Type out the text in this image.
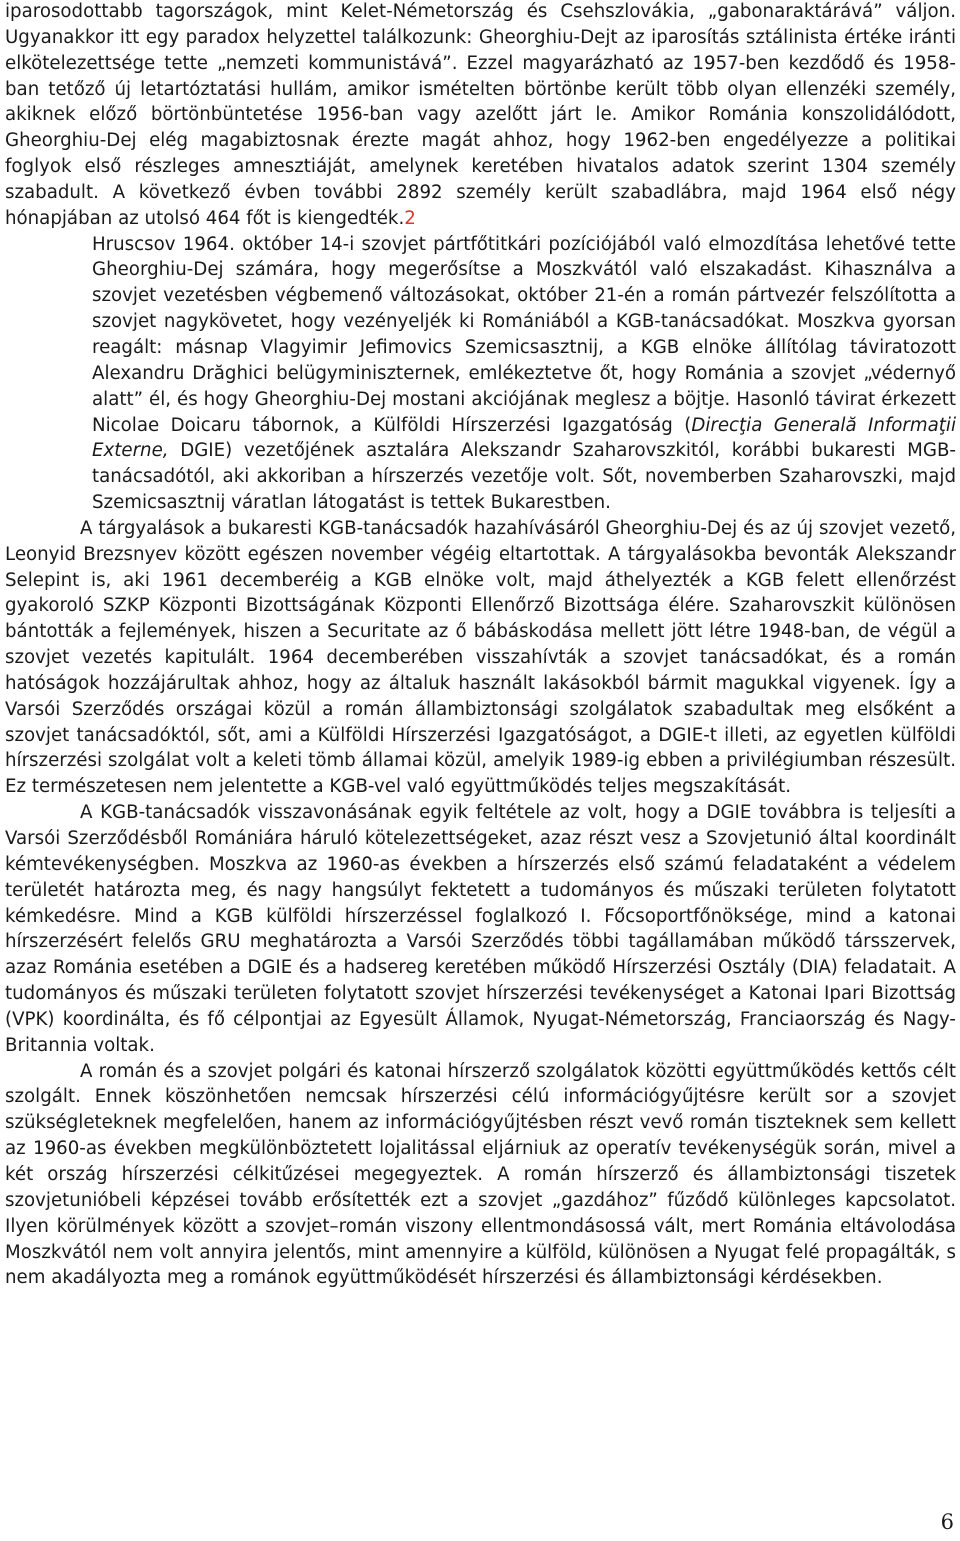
iparosodottabb tagországok, mint Kelet-Németország és Csehszlovákia, „gabonaraktárává” váljon. Ugyanakkor itt egy paradox helyzettel találkozunk: Gheorghiu-Dejt az iparosítás sztálinista értéke iránti elkötelezettsége tette „nemzeti kommunistává”. Ezzel magyarázható az 1957-ben kezdődő és 1958-ban tetőző új letartóztatási hullám, amikor ismételten börtönbe került több olyan ellenzéki személy, akiknek előző börtönbüntetése 1956-ban vagy azelőtt járt le. Amikor Románia konszolidálódott, Gheorghiu-Dej elég magabiztosnak érezte magát ahhoz, hogy 1962-ben engedélyezze a politikai foglyok első részleges amnesztiáját, amelynek keretében hivatalos adatok szerint 1304 személy szabadult. A következő évben további 2892 személy került szabadlábra, majd 1964 első négy hónapjában az utolsó 464 főt is kiengedték.2

Hruscsov 1964. október 14-i szovjet pártfőtitkári pozíciójából való elmozdítása lehetővé tette Gheorghiu-Dej számára, hogy megerősítse a Moszkvától való elszakadást. Kihasználva a szovjet vezetésben végbemenő változásokat, október 21-én a román pártvezér felszólította a szovjet nagykövetet, hogy vezényeljék ki Romániából a KGB-tanácsadókat. Moszkva gyorsan reagált: másnap Vlagyimir Jefimovics Szemicsasztnij, a KGB elnöke állítólag táviratozott Alexandru Drăghici belügyminiszternek, emlékeztetve őt, hogy Románia a szovjet „védernyő alatt” él, és hogy Gheorghiu-Dej mostani akciójának meglesz a böjtje. Hasonló távirat érkezett Nicolae Doicaru tábornok, a Külföldi Hírszerzési Igazgatóság (Direcţia Generală Informaţii Externe, DGIE) vezetőjének asztalára Alekszandr Szaharovszkitól, korábbi bukaresti MGB-tanácsadótól, aki akkoriban a hírszerzés vezetője volt. Sőt, novemberben Szaharovszki, majd Szemicsasztnij váratlan látogatást is tettek Bukarestben.

A tárgyalások a bukaresti KGB-tanácsadók hazahívásáról Gheorghiu-Dej és az új szovjet vezető, Leonyid Brezsnyev között egészen november végéig eltartottak. A tárgyalásokba bevonták Alekszandr Selepint is, aki 1961 decemberéig a KGB elnöke volt, majd áthelyezték a KGB felett ellenőrzést gyakoroló SZKP Központi Bizottságának Központi Ellenőrző Bizottsága élére. Szaharovszkit különösen bántották a fejlemények, hiszen a Securitate az ő bábáskodása mellett jött létre 1948-ban, de végül a szovjet vezetés kapitulált. 1964 decemberében visszahívták a szovjet tanácsadókat, és a román hatóságok hozzájárultak ahhoz, hogy az általuk használt lakásokból bármit magukkal vigyenek. Így a Varsói Szerződés országai közül a román állambiztonsági szolgálatok szabadultak meg elsőként a szovjet tanácsadóktól, sőt, ami a Külföldi Hírszerzési Igazgatóságot, a DGIE-t illeti, az egyetlen külföldi hírszerzési szolgálat volt a keleti tömb államai közül, amelyik 1989-ig ebben a privilégiumban részesült. Ez természetesen nem jelentette a KGB-vel való együttműködés teljes megszakítását.

A KGB-tanácsadók visszavonásának egyik feltétele az volt, hogy a DGIE továbbra is teljesíti a Varsói Szerződésből Romániára háruló kötelezettségeket, azaz részt vesz a Szovjetunió által koordinált kémtevékenységben. Moszkva az 1960-as években a hírszerzés első számú feladataként a védelem területét határozta meg, és nagy hangsúlyt fektetett a tudományos és műszaki területen folytatott kémkedésre. Mind a KGB külföldi hírszerzéssel foglalkozó I. Főcsoportfőnöksége, mind a katonai hírszerzésért felelős GRU meghatározta a Varsói Szerződés többi tagállamában működő társszervek, azaz Románia esetében a DGIE és a hadsereg keretében működő Hírszerzési Osztály (DIA) feladatait. A tudományos és műszaki területen folytatott szovjet hírszerzési tevékenységet a Katonai Ipari Bizottság (VPK) koordinálta, és fő célpontjai az Egyesült Államok, Nyugat-Németország, Franciaország és Nagy-Britannia voltak.

A román és a szovjet polgári és katonai hírszerző szolgálatok közötti együttműködés kettős célt szolgált. Ennek köszönhetően nemcsak hírszerzési célú információgyűjtésre került sor a szovjet szükségleteknek megfelelően, hanem az információgyűjtésben részt vevő román tiszteknek sem kellett az 1960-as években megkülönböztetett lojalitással eljárniuk az operatív tevékenységük során, mivel a két ország hírszerzési célkitűzései megegyeztek. A román hírszerző és állambiztonsági tiszetek szovjetunióbeli képzései tovább erősítették ezt a szovjet „gazdához” fűződő különleges kapcsolatot. Ilyen körülmények között a szovjet–román viszony ellentmondásossá vált, mert Románia eltávolodása Moszkvától nem volt annyira jelentős, mint amennyire a külföld, különösen a Nyugat felé propagálták, s nem akadályozta meg a románok együttműködését hírszerzési és állambiztonsági kérdésekben.

6
